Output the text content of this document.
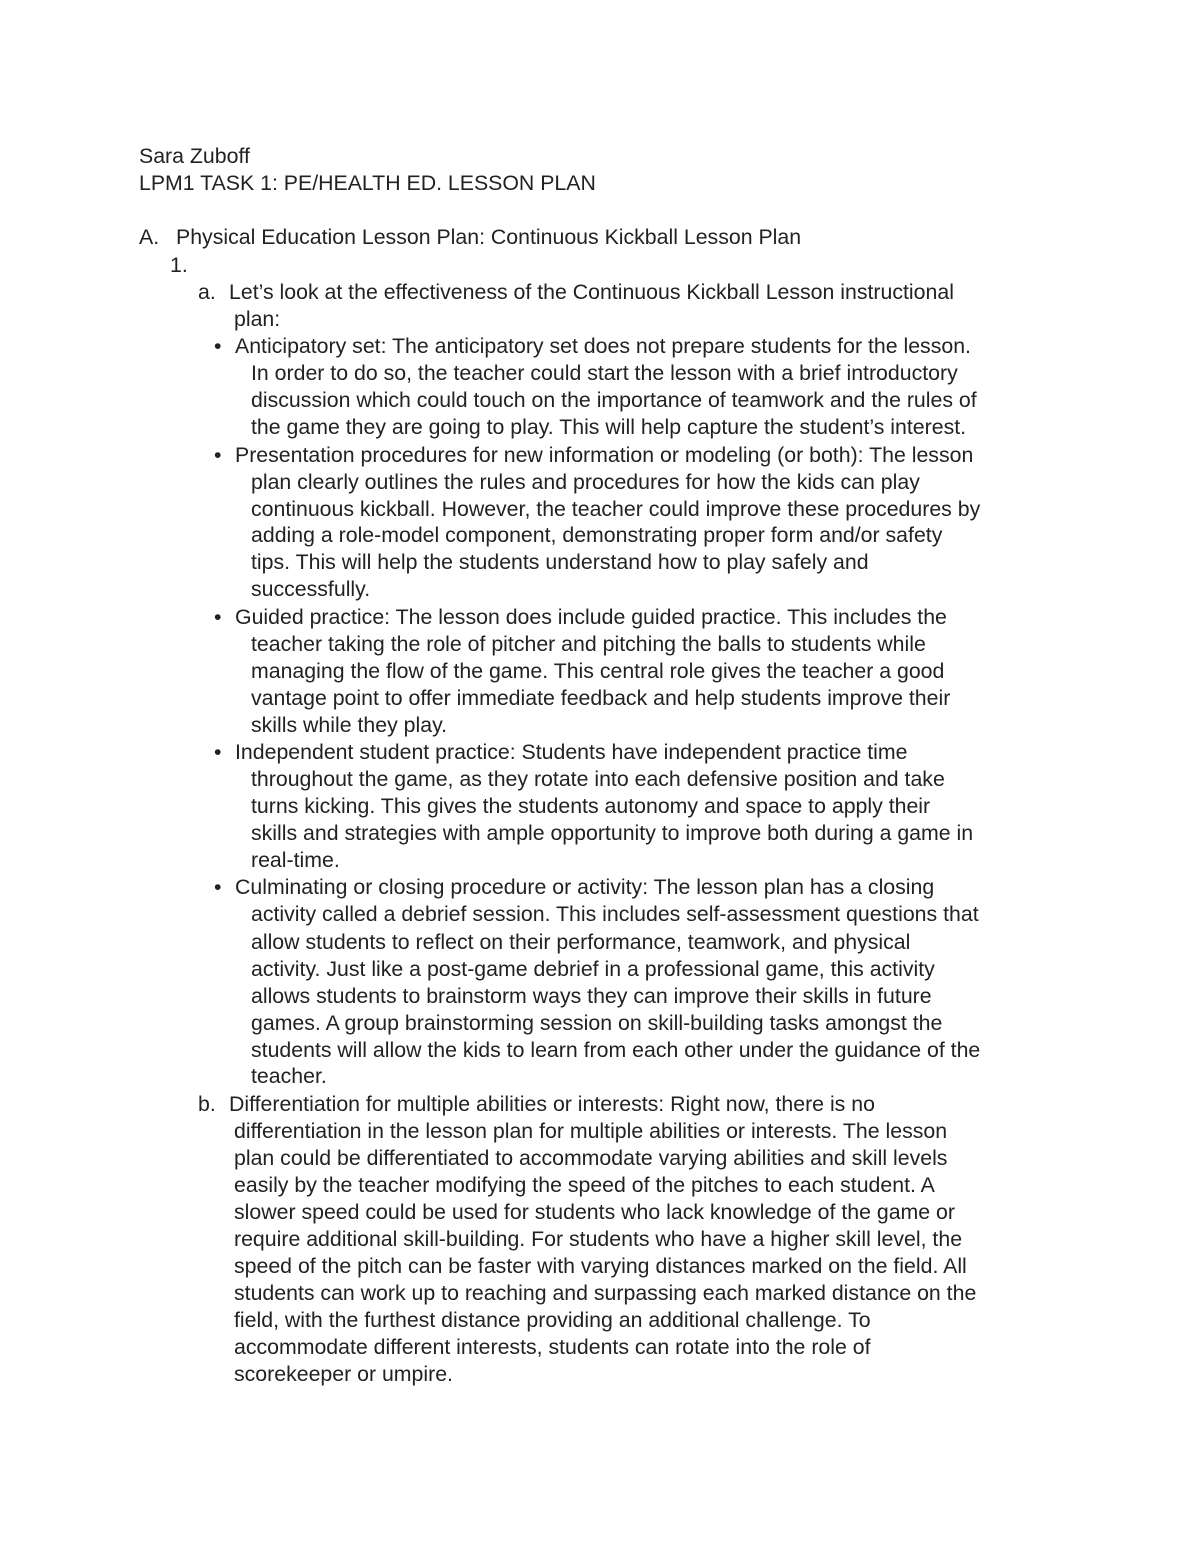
Sara Zuboff
LPM1 TASK 1: PE/HEALTH ED. LESSON PLAN
A. Physical Education Lesson Plan: Continuous Kickball Lesson Plan
1.
a. Let’s look at the effectiveness of the Continuous Kickball Lesson instructional
plan:
• Anticipatory set: The anticipatory set does not prepare students for the lesson.
In order to do so, the teacher could start the lesson with a brief introductory
discussion which could touch on the importance of teamwork and the rules of
the game they are going to play. This will help capture the student’s interest.
• Presentation procedures for new information or modeling (or both): The lesson
plan clearly outlines the rules and procedures for how the kids can play
continuous kickball. However, the teacher could improve these procedures by
adding a role-model component, demonstrating proper form and/or safety
tips. This will help the students understand how to play safely and
successfully.
• Guided practice: The lesson does include guided practice. This includes the
teacher taking the role of pitcher and pitching the balls to students while
managing the flow of the game. This central role gives the teacher a good
vantage point to offer immediate feedback and help students improve their
skills while they play.
• Independent student practice: Students have independent practice time
throughout the game, as they rotate into each defensive position and take
turns kicking. This gives the students autonomy and space to apply their
skills and strategies with ample opportunity to improve both during a game in
real-time.
• Culminating or closing procedure or activity: The lesson plan has a closing
activity called a debrief session. This includes self-assessment questions that
allow students to reflect on their performance, teamwork, and physical
activity. Just like a post-game debrief in a professional game, this activity
allows students to brainstorm ways they can improve their skills in future
games. A group brainstorming session on skill-building tasks amongst the
students will allow the kids to learn from each other under the guidance of the
teacher.
b. Differentiation for multiple abilities or interests: Right now, there is no
differentiation in the lesson plan for multiple abilities or interests. The lesson
plan could be differentiated to accommodate varying abilities and skill levels
easily by the teacher modifying the speed of the pitches to each student. A
slower speed could be used for students who lack knowledge of the game or
require additional skill-building. For students who have a higher skill level, the
speed of the pitch can be faster with varying distances marked on the field. All
students can work up to reaching and surpassing each marked distance on the
field, with the furthest distance providing an additional challenge. To
accommodate different interests, students can rotate into the role of
scorekeeper or umpire.
